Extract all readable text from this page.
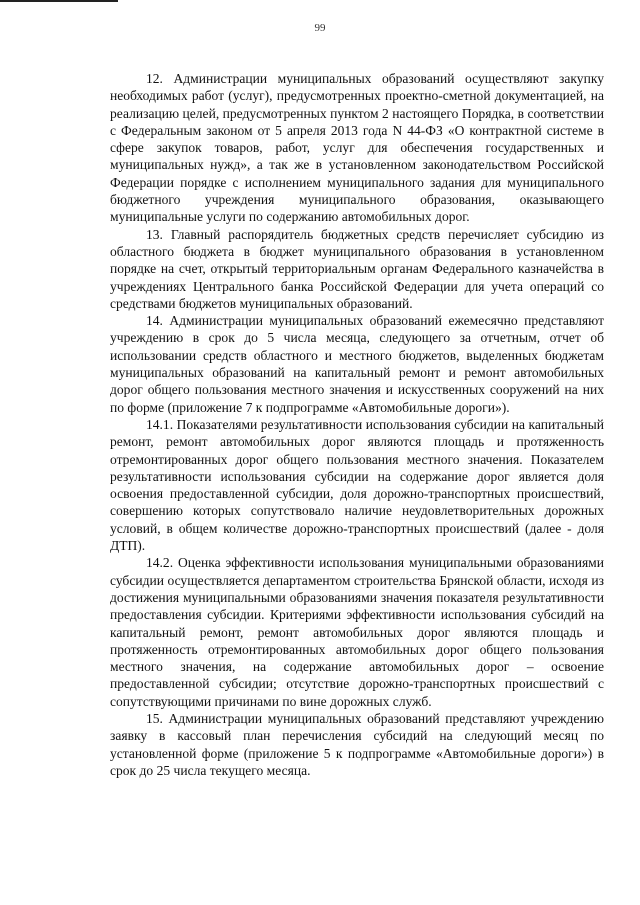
99

12. Администрации муниципальных образований осуществляют закупку необходимых работ (услуг), предусмотренных проектно-сметной документацией, на реализацию целей, предусмотренных пунктом 2 настоящего Порядка, в соответствии с Федеральным законом от 5 апреля 2013 года N 44-ФЗ «О контрактной системе в сфере закупок товаров, работ, услуг для обеспечения государственных и муниципальных нужд», а так же в установленном законодательством Российской Федерации порядке с исполнением муниципального задания для муниципального бюджетного учреждения муниципального образования, оказывающего муниципальные услуги по содержанию автомобильных дорог.

13. Главный распорядитель бюджетных средств перечисляет субсидию из областного бюджета в бюджет муниципального образования в установленном порядке на счет, открытый территориальным органам Федерального казначейства в учреждениях Центрального банка Российской Федерации для учета операций со средствами бюджетов муниципальных образований.

14. Администрации муниципальных образований ежемесячно представляют учреждению в срок до 5 числа месяца, следующего за отчетным, отчет об использовании средств областного и местного бюджетов, выделенных бюджетам муниципальных образований на капитальный ремонт и ремонт автомобильных дорог общего пользования местного значения и искусственных сооружений на них по форме (приложение 7 к подпрограмме «Автомобильные дороги»).

14.1. Показателями результативности использования субсидии на капитальный ремонт, ремонт автомобильных дорог являются площадь и протяженность отремонтированных дорог общего пользования местного значения. Показателем результативности использования субсидии на содержание дорог является доля освоения предоставленной субсидии, доля дорожно-транспортных происшествий, совершению которых сопутствовало наличие неудовлетворительных дорожных условий, в общем количестве дорожно-транспортных происшествий (далее - доля ДТП).

14.2. Оценка эффективности использования муниципальными образованиями субсидии осуществляется департаментом строительства Брянской области, исходя из достижения муниципальными образованиями значения показателя результативности предоставления субсидии. Критериями эффективности использования субсидий на капитальный ремонт, ремонт автомобильных дорог являются площадь и протяженность отремонтированных автомобильных дорог общего пользования местного значения, на содержание автомобильных дорог – освоение предоставленной субсидии; отсутствие дорожно-транспортных происшествий с сопутствующими причинами по вине дорожных служб.

15. Администрации муниципальных образований представляют учреждению заявку в кассовый план перечисления субсидий на следующий месяц по установленной форме (приложение 5 к подпрограмме «Автомобильные дороги») в срок до 25 числа текущего месяца.
